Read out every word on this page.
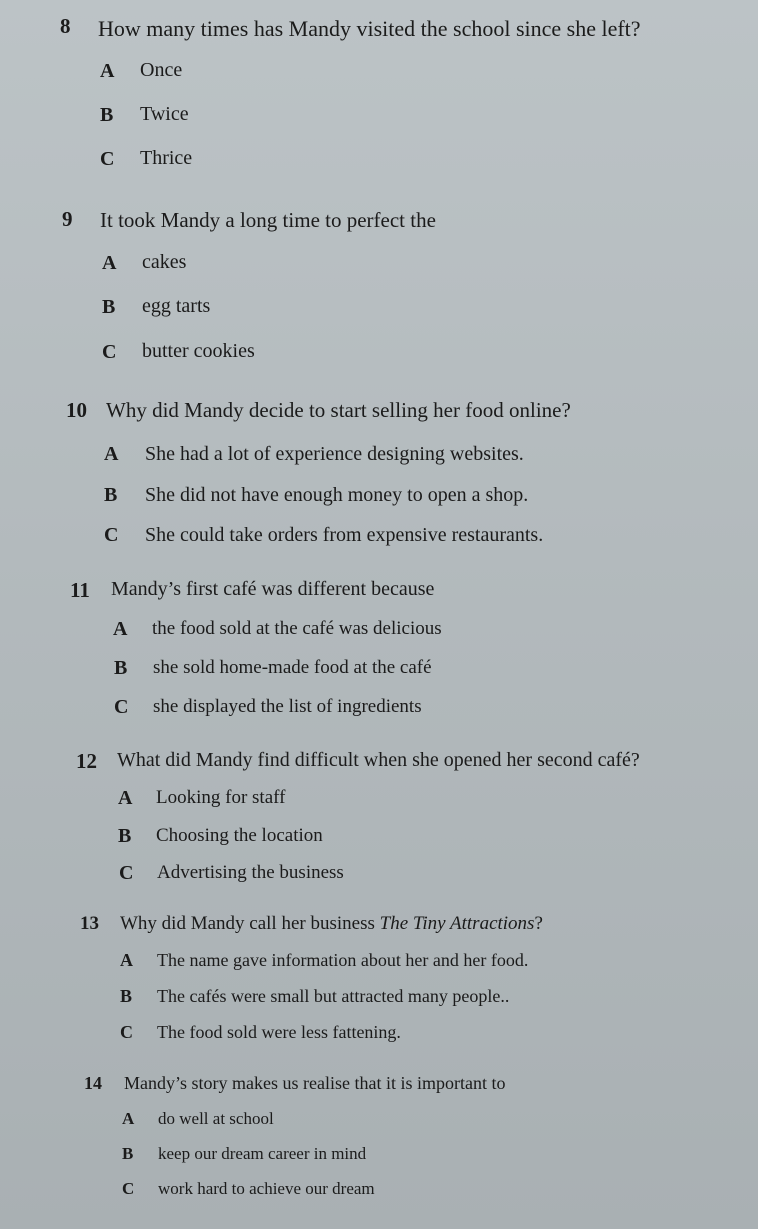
8 How many times has Mandy visited the school since she left?
A Once
B Twice
C Thrice
9 It took Mandy a long time to perfect the
A cakes
B egg tarts
C butter cookies
10 Why did Mandy decide to start selling her food online?
A She had a lot of experience designing websites.
B She did not have enough money to open a shop.
C She could take orders from expensive restaurants.
11 Mandy’s first café was different because
A the food sold at the café was delicious
B she sold home-made food at the café
C she displayed the list of ingredients
12 What did Mandy find difficult when she opened her second café?
A Looking for staff
B Choosing the location
C Advertising the business
13 Why did Mandy call her business The Tiny Attractions?
A The name gave information about her and her food.
B The cafés were small but attracted many people..
C The food sold were less fattening.
14 Mandy’s story makes us realise that it is important to
A do well at school
B keep our dream career in mind
C work hard to achieve our dream
